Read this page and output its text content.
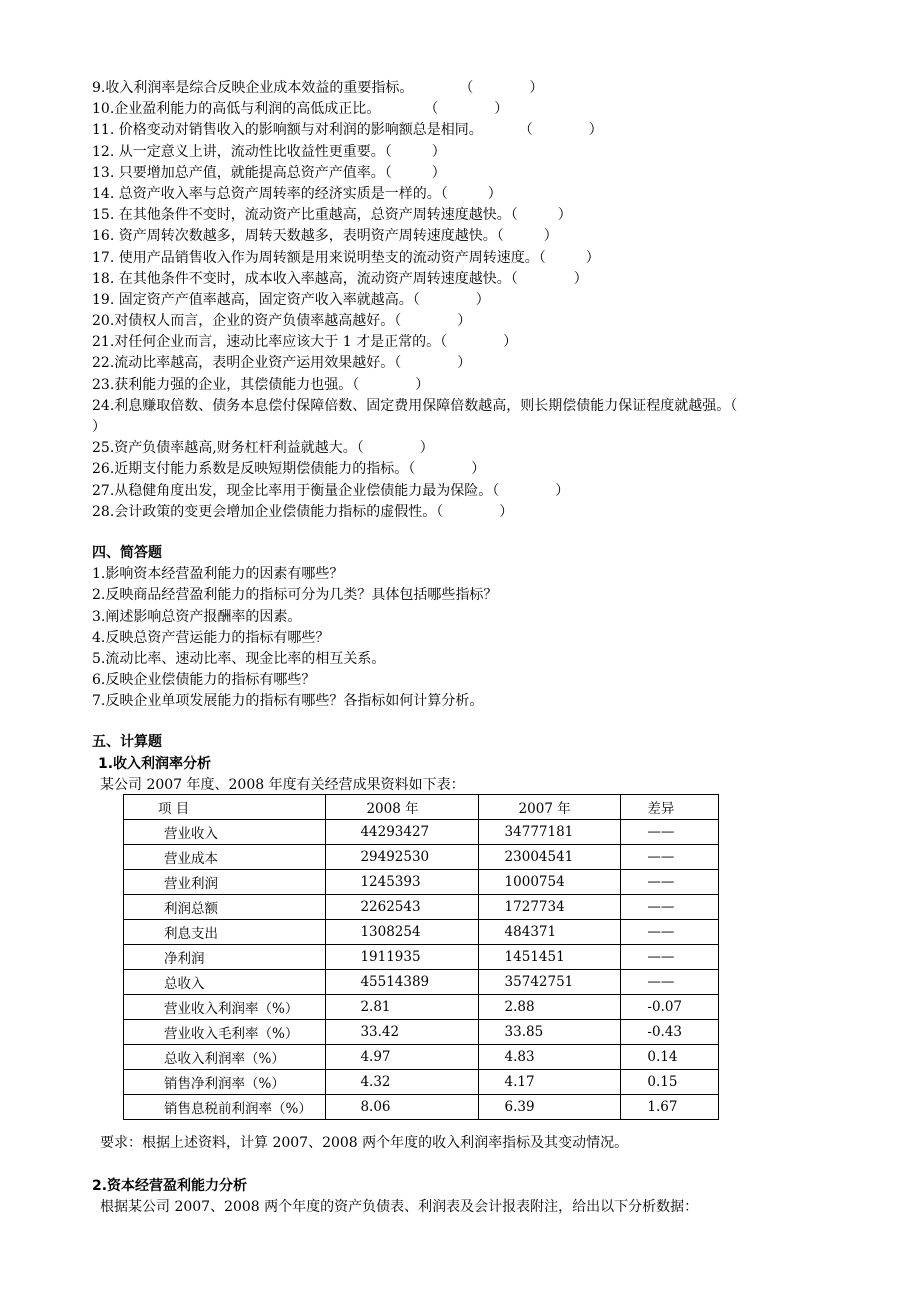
9.收入利润率是综合反映企业成本效益的重要指标。	（	）
10.企业盈利能力的高低与利润的高低成正比。	（	）
11. 价格变动对销售收入的影响额与对利润的影响额总是相同。	（	）
12. 从一定意义上讲，流动性比收益性更重要。（	）
13. 只要增加总产值，就能提高总资产产值率。（	）
14. 总资产收入率与总资产周转率的经济实质是一样的。（	）
15. 在其他条件不变时，流动资产比重越高，总资产周转速度越快。（	）
16. 资产周转次数越多，周转天数越多，表明资产周转速度越快。（	）
17. 使用产品销售收入作为周转额是用来说明垫支的流动资产周转速度。（	）
18. 在其他条件不变时，成本收入率越高，流动资产周转速度越快。（	）
19. 固定资产产值率越高，固定资产收入率就越高。（	）
20.对债权人而言，企业的资产负债率越高越好。（	）
21.对任何企业而言，速动比率应该大于 1 才是正常的。（	）
22.流动比率越高，表明企业资产运用效果越好。（	）
23.获利能力强的企业，其偿债能力也强。（	）
24.利息赚取倍数、债务本息偿付保障倍数、固定费用保障倍数越高，则长期偿债能力保证程度就越强。（
）
25.资产负债率越高,财务杠杆利益就越大。（	）
26.近期支付能力系数是反映短期偿债能力的指标。（	）
27.从稳健角度出发，现金比率用于衡量企业偿债能力最为保险。（	）
28.会计政策的变更会增加企业偿债能力指标的虚假性。（	）
四、简答题
1.影响资本经营盈利能力的因素有哪些？
2.反映商品经营盈利能力的指标可分为几类？具体包括哪些指标？
3.阐述影响总资产报酬率的因素。
4.反映总资产营运能力的指标有哪些？
5.流动比率、速动比率、现金比率的相互关系。
6.反映企业偿债能力的指标有哪些？
7.反映企业单项发展能力的指标有哪些？各指标如何计算分析。
五、计算题
1.收入利润率分析
某公司 2007 年度、2008 年度有关经营成果资料如下表：
项 目	2008 年	2007 年	差异
营业收入	44293427	34777181	——
营业成本	29492530	23004541	——
营业利润	1245393	1000754	——
利润总额	2262543	1727734	——
利息支出	1308254	484371	——
净利润	1911935	1451451	——
总收入	45514389	35742751	——
营业收入利润率（%）	2.81	2.88	-0.07
营业收入毛利率（%）	33.42	33.85	-0.43
总收入利润率（%）	4.97	4.83	0.14
销售净利润率（%）	4.32	4.17	0.15
销售息税前利润率（%）	8.06	6.39	1.67
要求：根据上述资料，计算 2007、2008 两个年度的收入利润率指标及其变动情况。
2.资本经营盈利能力分析
根据某公司 2007、2008 两个年度的资产负债表、利润表及会计报表附注，给出以下分析数据：
